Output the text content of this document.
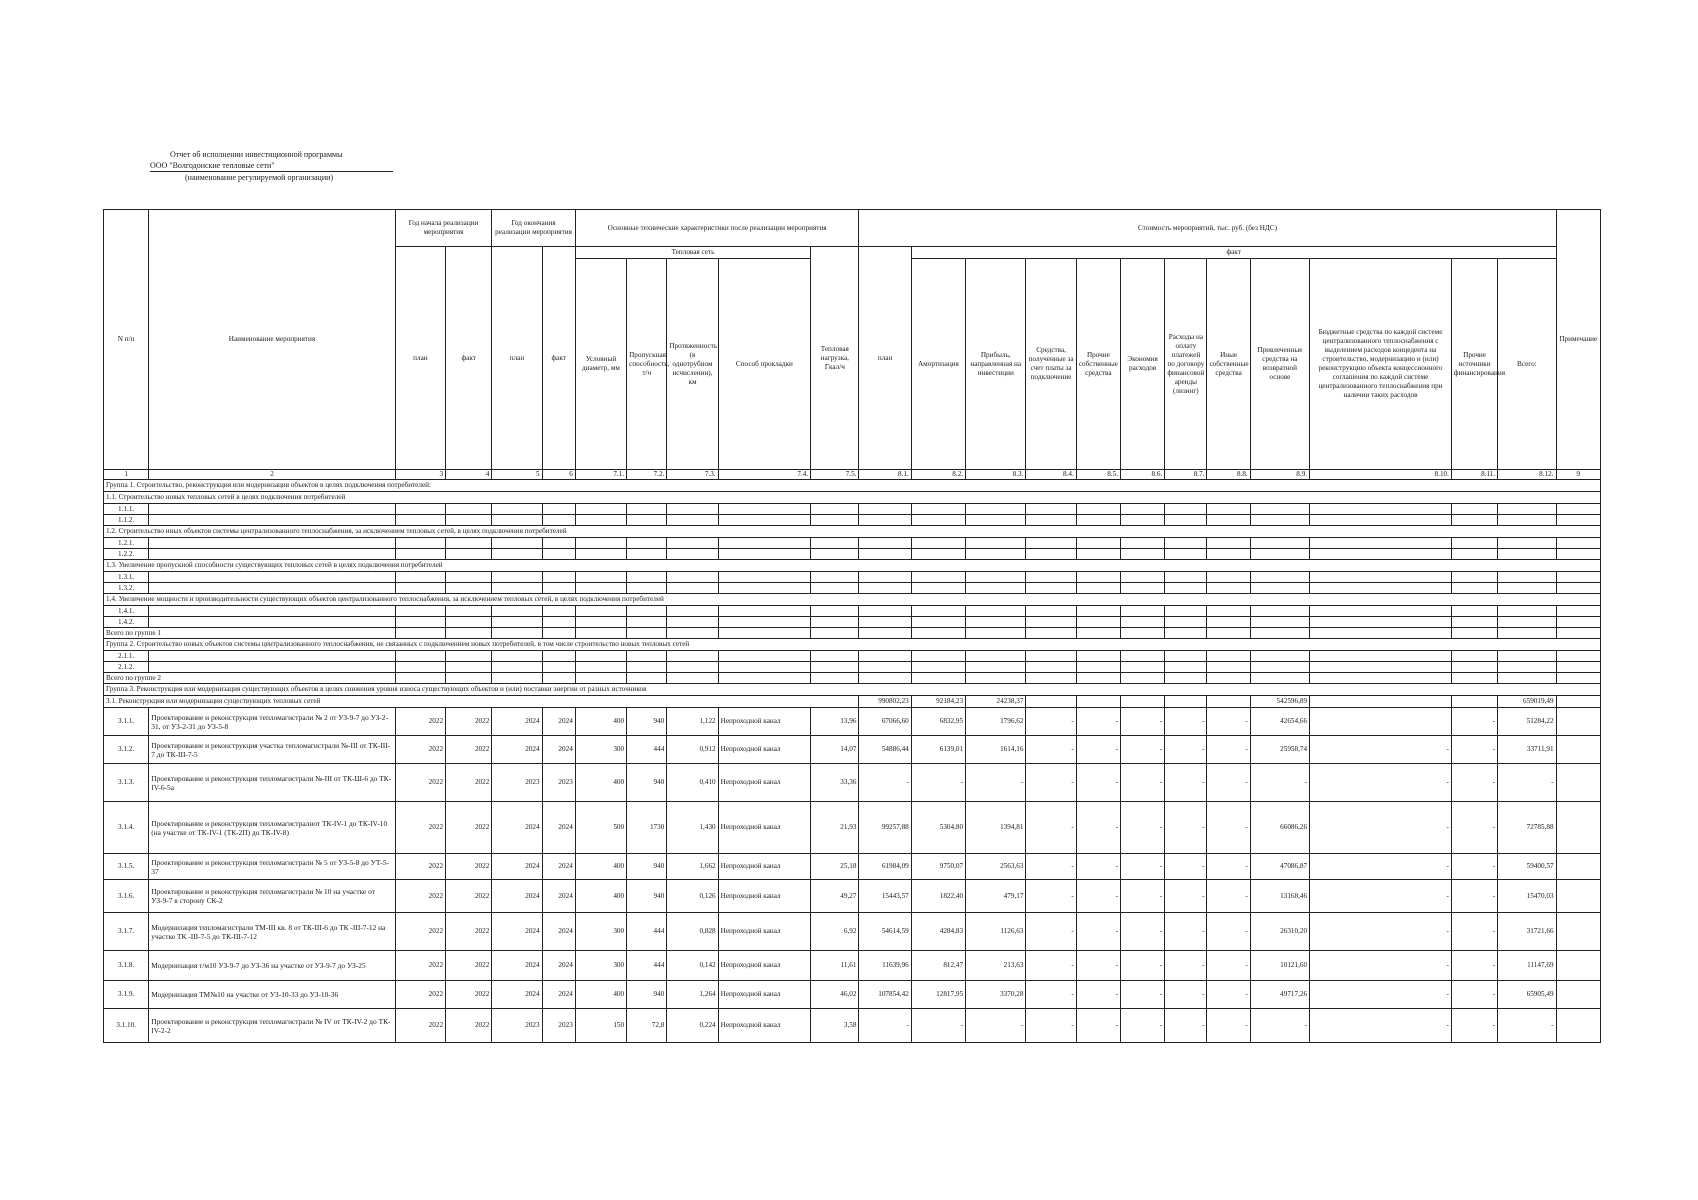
Отчет об исполнении инвестиционной программы
ООО "Волгодонские тепловые сети"
(наименование регулируемой организации)
N п/п	Наименование мероприятия	Год начала реализации мероприятия		Год окончания реализации мероприятия		Основные технические характеристики после реализации мероприятия					Стоимость мероприятий, тыс. руб. (без НДС)												Примечание
		план	факт	план	факт	Тепловая сеть				Тепловая нагрузка, Гкал/ч	план	факт											
						Условный диаметр, мм	Пропускная способность, т/ч	Протяженность (в однотрубном исчислении), км	Способ прокладки			Амортизация	Прибыль, направленная на инвестиции	Средства, полученные за счет платы за подключение	Прочие собственные средства	Экономия расходов	Расходы на оплату платежей по договору финансовой аренды (лизинг)	Иные собственные средства	Привлеченные средства на возвратной основе	Бюджетные средства по каждой системе централизованного теплоснабжения с выделением расходов концедента на строительство, модернизацию и (или) реконструкцию объекта концессионного соглашения по каждой системе централизованного теплоснабжения при наличии таких расходов	Прочие источники финансирования	Всего:	
1	2	3	4	5	6	7.1.	7.2.	7.3.	7.4.	7.5.	8.1.	8.2.	8.3.	8.4.	8.5.	8.6.	8.7.	8.8.	8.9.	8.10.	8.11.	8.12.	9
Группа 1. Строительство, реконструкция или модернизация объектов в целях подключения потребителей:																							
1.1. Строительство новых тепловых сетей в целях подключения потребителей																							
1.1.1.																							
1.1.2.																							
1.2. Строительство иных объектов системы централизованного теплоснабжения, за исключением тепловых сетей, в целях подключения потребителей																							
1.2.1.																							
1.2.2.																							
1.3. Увеличение пропускной способности существующих тепловых сетей в целях подключения потребителей																							
1.3.1.																							
1.3.2.																							
1.4. Увеличение мощности и производительности существующих объектов централизованного теплоснабжения, за исключением тепловых сетей, в целях подключения потребителей																							
1.4.1.																							
1.4.2.																							
Всего по группе 1																							
Группа 2. Строительство новых объектов системы централизованного теплоснабжения, не связанных с подключением новых потребителей, в том числе строительство новых тепловых сетей																							
2.1.1.																							
2.1.2.																							
Всего по группе 2																							
Группа 3. Реконструкция или модернизация существующих объектов в целях снижения уровня износа существующих объектов и (или) поставки энергии от разных источников																							
3.1. Реконструкция или модернизация существующих тепловых сетей											990802,23	92184,23	24238,37						542596,89			659019,49	
3.1.1.	Проектирование и реконструкция тепломагистрали № 2 от УЗ-9-7 до УЗ-2-31, от УЗ-2-31 до УЗ-5-8	2022	2022	2024	2024	400	940	1,122	Непроходной канал	13,96	67066,60	6832,95	1796,62	-	-	-	-	-	42654,66		-	51284,22	
3.1.2.	Проектирование и реконструкция участка тепломагистрали №-III от ТК-III-7 до ТК-III-7-5	2022	2022	2024	2024	300	444	0,912	Непроходной канал	14,07	54886,44	6139,01	1614,16	-	-	-	-	-	25958,74	-	-	33711,91	
3.1.3.	Проектирование и реконструкция тепломагистрали №-III от ТК-Ш-6 до ТК-IV-6-5а	2022	2022	2023	2023	400	940	0,410	Непроходной канал	33,36	-	-	-	-	-	-	-	-	-	-	-	-	
3.1.4.	Проектирование и реконструкция тепломагистралиот ТК-IV-1 до ТК-IV-10 (на участке от ТК-IV-1 (ТК-2П) до ТК-IV-8)	2022	2022	2024	2024	500	1730	1,430	Непроходной канал	21,93	99257,88	5304,80	1394,81	-	-	-	-	-	66086,26	-	-	72785,88	
3.1.5.	Проектирование и реконструкция тепломагистрали № 5 от УЗ-5-8 до УТ-5-37	2022	2022	2024	2024	400	940	1,662	Непроходной канал	25,18	61984,09	9750,07	2563,63	-	-	-	-	-	47086,87	-	-	59400,57	
3.1.6.	Проектирование и реконструкция тепломагистрали № 10 на участке от УЗ-9-7 в сторону СК-2	2022	2022	2024	2024	400	940	0,126	Непроходной канал	49,27	15443,57	1822,40	479,17	-	-	-	-	-	13168,46	-	-	15470,03	
3.1.7.	Модернизация тепломагистрали ТМ-III кв. 8 от ТК-III-6 до ТК -III-7-12 на участке ТК -III-7-5 до ТК-III-7-12	2022	2022	2024	2024	300	444	0,828	Непроходной канал	6,92	54614,59	4284,83	1126,63	-	-	-	-	-	26310,20	-	-	31721,66	
3.1.8.	Модернизация т/м10 УЗ-9-7 до УЗ-36 на участке от УЗ-9-7 до УЗ-25	2022	2022	2024	2024	300	444	0,142	Непроходной канал	11,61	11639,96	812,47	213,63	-	-	-	-	-	10121,60	-	-	11147,69	
3.1.9.	Модернизация ТМ№10 на участке от УЗ-10-33 до УЗ-10-36	2022	2022	2024	2024	400	940	1,264	Непроходной канал	46,02	107854,42	12817,95	3370,28	-	-	-	-	-	49717,26	-	-	65905,49	
3.1.10.	Проектирование и реконструкция тепломагистрали № IV от ТК-IV-2 до ТК-IV-2-2	2022	2022	2023	2023	150	72,8	0,224	Непроходной канал	3,58	-	-	-	-	-	-	-	-	-	-	-	-	
